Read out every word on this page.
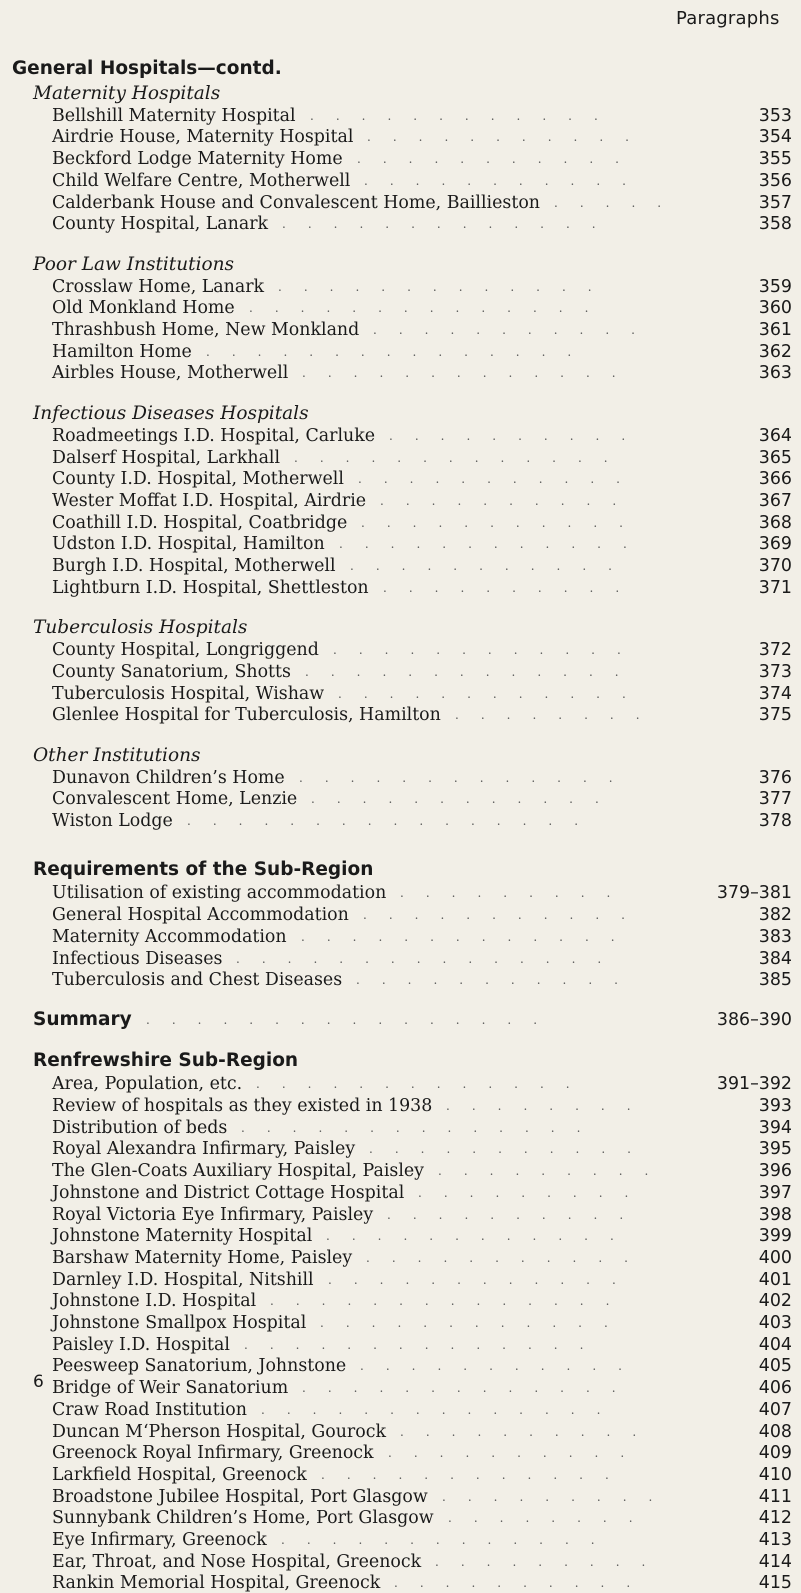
Paragraphs
General Hospitals—contd.
Maternity Hospitals
Bellshill Maternity Hospital ............	353
Airdrie House, Maternity Hospital ...........	354
Beckford Lodge Maternity Home ...........	355
Child Welfare Centre, Motherwell ...........	356
Calderbank House and Convalescent Home, Baillieston .....	357
County Hospital, Lanark .............	358
Poor Law Institutions
Crosslaw Home, Lanark .............	359
Old Monkland Home ..............	360
Thrashbush Home, New Monkland ...........	361
Hamilton Home ...............	362
Airbles House, Motherwell .............	363
Infectious Diseases Hospitals
Roadmeetings I.D. Hospital, Carluke ..........	364
Dalserf Hospital, Larkhall .............	365
County I.D. Hospital, Motherwell ...........	366
Wester Moffat I.D. Hospital, Airdrie ..........	367
Coathill I.D. Hospital, Coatbridge ...........	368
Udston I.D. Hospital, Hamilton ............	369
Burgh I.D. Hospital, Motherwell ...........	370
Lightburn I.D. Hospital, Shettleston ..........	371
Tuberculosis Hospitals
County Hospital, Longriggend ............	372
County Sanatorium, Shotts .............	373
Tuberculosis Hospital, Wishaw ............	374
Glenlee Hospital for Tuberculosis, Hamilton ........	375
Other Institutions
Dunavon Children’s Home .............	376
Convalescent Home, Lenzie ............	377
Wiston Lodge ................	378
Requirements of the Sub-Region
Utilisation of existing accommodation .........	379–381
General Hospital Accommodation ...........	382
Maternity Accommodation .............	383
Infectious Diseases ...............	384
Tuberculosis and Chest Diseases ...........	385
Summary ................	386–390
Renfrewshire Sub-Region
Area, Population, etc. .............	391–392
Review of hospitals as they existed in 1938 ........	393
Distribution of beds ..............	394
Royal Alexandra Infirmary, Paisley ...........	395
The Glen-Coats Auxiliary Hospital, Paisley .........	396
Johnstone and District Cottage Hospital .........	397
Royal Victoria Eye Infirmary, Paisley ..........	398
Johnstone Maternity Hospital ............	399
Barshaw Maternity Home, Paisley ...........	400
Darnley I.D. Hospital, Nitshill ............	401
Johnstone I.D. Hospital ..............	402
Johnstone Smallpox Hospital ............	403
Paisley I.D. Hospital ..............	404
Peesweep Sanatorium, Johnstone ...........	405
Bridge of Weir Sanatorium .............	406
Craw Road Institution ..............	407
Duncan M‘Pherson Hospital, Gourock ..........	408
Greenock Royal Infirmary, Greenock ..........	409
Larkfield Hospital, Greenock ............	410
Broadstone Jubilee Hospital, Port Glasgow .........	411
Sunnybank Children’s Home, Port Glasgow ........	412
Eye Infirmary, Greenock .............	413
Ear, Throat, and Nose Hospital, Greenock .........	414
Rankin Memorial Hospital, Greenock ..........	415
6
